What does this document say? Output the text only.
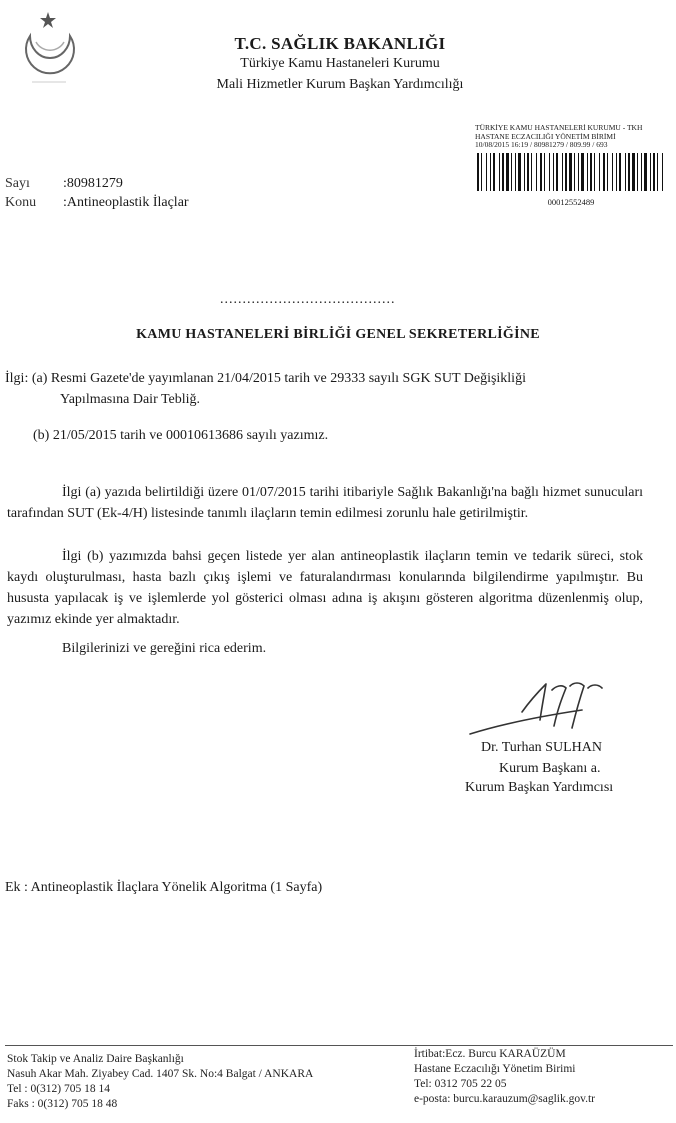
T.C. SAĞLIK BAKANLIĞI
Türkiye Kamu Hastaneleri Kurumu
Mali Hizmetler Kurum Başkan Yardımcılığı
TÜRKİYE KAMU HASTANELERİ KURUMU - TKH
HASTANE ECZACILIĞI YÖNETİM BİRİMİ
10/08/2015 16:19 / 80981279 / 809.99 / 693
00012552489
Sayı :80981279
Konu :Antineoplastik İlaçlar
.......................................
KAMU HASTANELERİ BİRLİĞİ GENEL SEKRETERLİĞİNE
İlgi: (a) Resmi Gazete'de yayımlanan 21/04/2015 tarih ve 29333 sayılı SGK SUT Değişikliği
Yapılmasına Dair Tebliğ.
(b) 21/05/2015 tarih ve 00010613686 sayılı yazımız.
İlgi (a) yazıda belirtildiği üzere 01/07/2015 tarihi itibariyle Sağlık Bakanlığı'na bağlı hizmet sunucuları tarafından SUT (Ek-4/H) listesinde tanımlı ilaçların temin edilmesi zorunlu hale getirilmiştir.
İlgi (b) yazımızda bahsi geçen listede yer alan antineoplastik ilaçların temin ve tedarik süreci, stok kaydı oluşturulması, hasta bazlı çıkış işlemi ve faturalandırması konularında bilgilendirme yapılmıştır. Bu hususta yapılacak iş ve işlemlerde yol gösterici olması adına iş akışını gösteren algoritma düzenlenmiş olup, yazımız ekinde yer almaktadır.
Bilgilerinizi ve gereğini rica ederim.
Dr. Turhan SULHAN
Kurum Başkanı a.
Kurum Başkan Yardımcısı
Ek : Antineoplastik İlaçlara Yönelik Algoritma (1 Sayfa)
Stok Takip ve Analiz Daire Başkanlığı
Nasuh Akar Mah. Ziyabey Cad. 1407 Sk. No:4 Balgat / ANKARA
Tel : 0(312) 705 18 14
Faks : 0(312) 705 18 48
İrtibat:Ecz. Burcu KARAÜZÜM
Hastane Eczacılığı Yönetim Birimi
Tel: 0312 705 22 05
e-posta: burcu.karauzum@saglik.gov.tr
